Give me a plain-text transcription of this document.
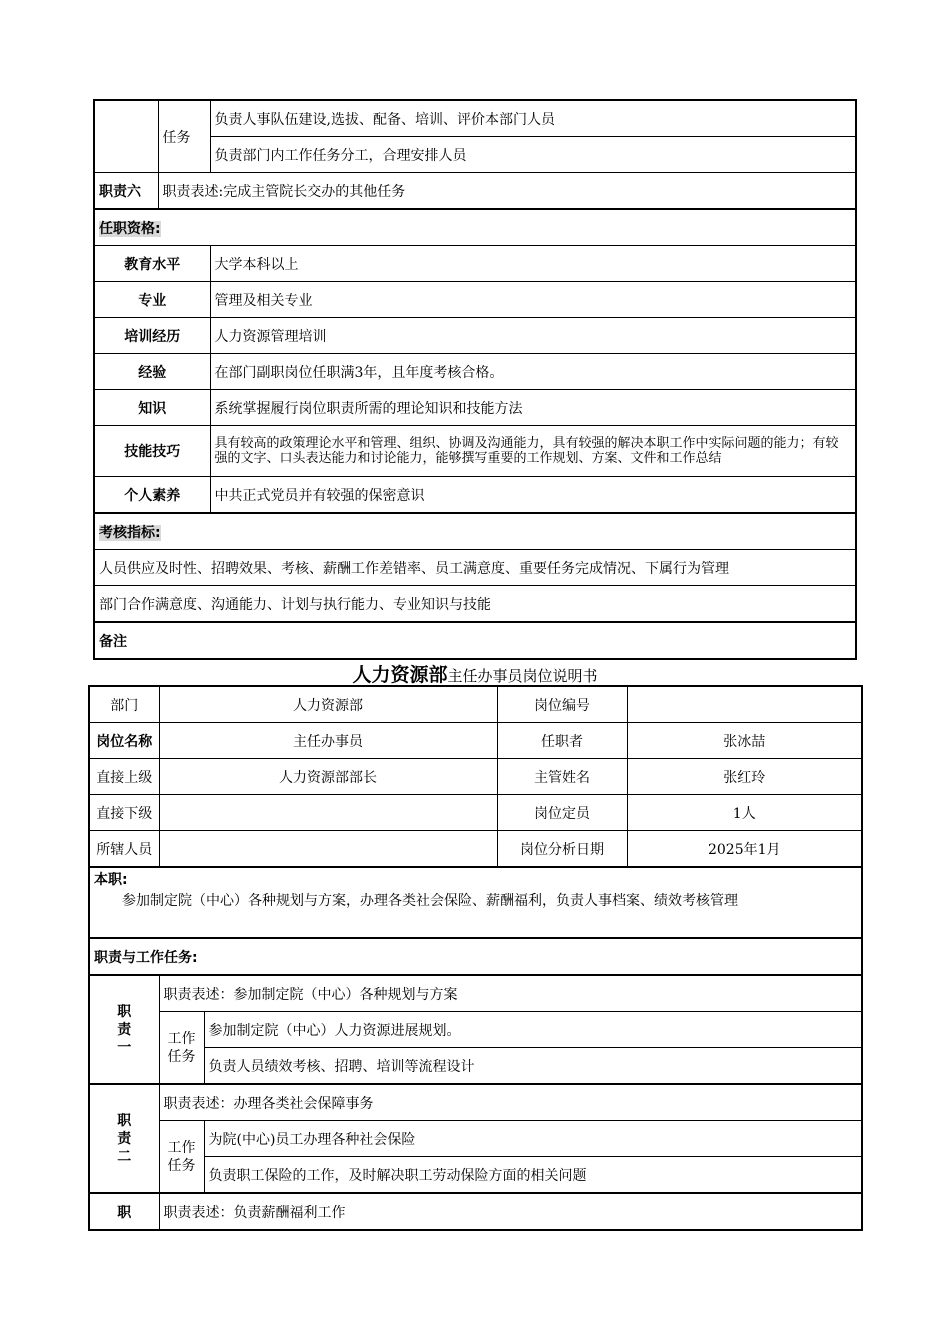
	任务	负责人事队伍建设,选拔、配备、培训、评价本部门人员
		负责部门内工作任务分工，合理安排人员
职责六	职责表述:完成主管院长交办的其他任务	
任职资格:		
教育水平		大学本科以上
专业		管理及相关专业
培训经历		人力资源管理培训
经验		在部门副职岗位任职满3年，且年度考核合格。
知识		系统掌握履行岗位职责所需的理论知识和技能方法
技能技巧		具有较高的政策理论水平和管理、组织、协调及沟通能力，具有较强的解决本职工作中实际问题的能力；有较强的文字、口头表达能力和讨论能力，能够撰写重要的工作规划、方案、文件和工作总结
个人素养		中共正式党员并有较强的保密意识
考核指标:		
人员供应及时性、招聘效果、考核、薪酬工作差错率、员工满意度、重要任务完成情况、下属行为管理		
部门合作满意度、沟通能力、计划与执行能力、专业知识与技能		
备注		
人力资源部主任办事员岗位说明书
部门	人力资源部		岗位编号	
岗位名称	主任办事员		任职者	张冰喆
直接上级	人力资源部部长		主管姓名	张红玲
直接下级			岗位定员	1人
所辖人员			岗位分析日期	2025年1月

本职:
参加制定院（中心）各种规划与方案，办理各类社会保险、薪酬福利，负责人事档案、绩效考核管理				

职责与工作任务:				

职责一	职责表述：参加制定院（中心）各种规划与方案			

	工作任务	参加制定院（中心）人力资源进展规划。		
		负责人员绩效考核、招聘、培训等流程设计		

职责二	职责表述：办理各类社会保障事务			

	工作任务	为院(中心)员工办理各种社会保险		
		负责职工保险的工作，及时解决职工劳动保险方面的相关问题		
职	职责表述：负责薪酬福利工作			
